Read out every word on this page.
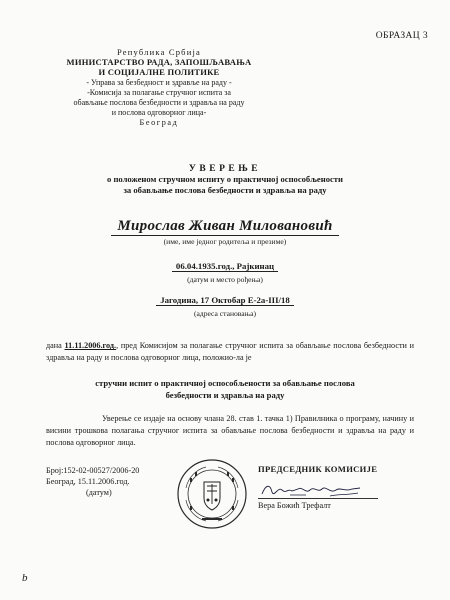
ОБРАЗАЦ 3
Република Србија
МИНИСТАРСТВО РАДА, ЗАПОШЉАВАЊА
И СОЦИЈАЛНЕ ПОЛИТИКЕ
- Управа за безбедност и здравље на раду -
-Комисија за полагање стручног испита за
обављање послова безбедности и здравља на раду
и послова одговорног лица-
Београд
УВЕРЕЊЕ
о положеном стручном испиту о практичној оспособљености
за обављање послова безбедности и здравља на раду
Мирослав Живан Миловановић
(име, име једног родитеља и презиме)
06.04.1935.год., Рајкинац
(датум и место рођења)
Јагодина, 17 Октобар Е-2а-III/18
(адреса становања)
дана 11.11.2006.год., пред Комисијом за полагање стручног испита за обављање послова безбедности и здравља на раду и послова одговорног лица, положио-ла је
стручни испит о практичној оспособљености за обављање послова
безбедности и здравља на раду
Уверење се издаје на основу члана 28. став 1. тачка 1) Правилника о програму, начину и висини трошкова полагања стручног испита за обављање послова безбедности и здравља на раду и послова одговорног лица.
Број:152-02-00527/2006-20
Београд, 15.11.2006.год.
(датум)
ПРЕДСЕДНИК КОМИСИЈЕ
Вера Божић Трефалт
b
